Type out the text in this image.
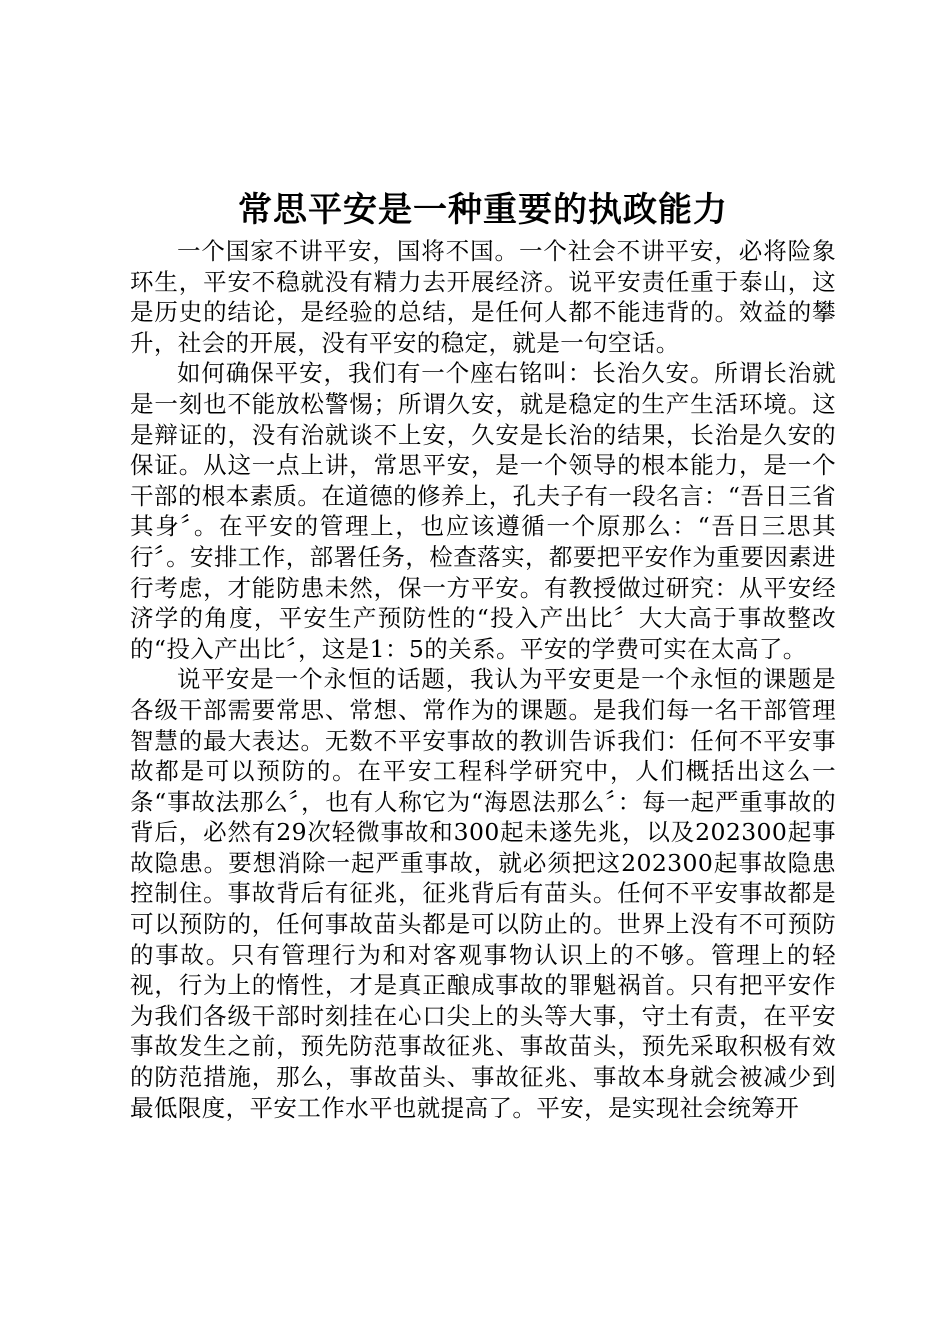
常思平安是一种重要的执政能力

一个国家不讲平安，国将不国。一个社会不讲平安，必将险象环生，平安不稳就没有精力去开展经济。说平安责任重于泰山，这是历史的结论，是经验的总结，是任何人都不能违背的。效益的攀升，社会的开展，没有平安的稳定，就是一句空话。

如何确保平安，我们有一个座右铭叫：长治久安。所谓长治就是一刻也不能放松警惕；所谓久安，就是稳定的生产生活环境。这是辩证的，没有治就谈不上安，久安是长治的结果，长治是久安的保证。从这一点上讲，常思平安，是一个领导的根本能力，是一个干部的根本素质。在道德的修养上，孔夫子有一段名言：“吾日三省其身〞。在平安的管理上，也应该遵循一个原那么：“吾日三思其行〞。安排工作，部署任务，检查落实，都要把平安作为重要因素进行考虑，才能防患未然，保一方平安。有教授做过研究：从平安经济学的角度，平安生产预防性的“投入产出比〞大大高于事故整改的“投入产出比〞，这是1：5的关系。平安的学费可实在太高了。

说平安是一个永恒的话题，我认为平安更是一个永恒的课题是各级干部需要常思、常想、常作为的课题。是我们每一名干部管理智慧的最大表达。无数不平安事故的教训告诉我们：任何不平安事故都是可以预防的。在平安工程科学研究中，人们概括出这么一条“事故法那么〞，也有人称它为“海恩法那么〞：每一起严重事故的背后，必然有29次轻微事故和300起未遂先兆，以及202300起事故隐患。要想消除一起严重事故，就必须把这202300起事故隐患控制住。事故背后有征兆，征兆背后有苗头。任何不平安事故都是可以预防的，任何事故苗头都是可以防止的。世界上没有不可预防的事故。只有管理行为和对客观事物认识上的不够。管理上的轻视，行为上的惰性，才是真正酿成事故的罪魁祸首。只有把平安作为我们各级干部时刻挂在心口尖上的头等大事，守土有责，在平安事故发生之前，预先防范事故征兆、事故苗头，预先采取积极有效的防范措施，那么，事故苗头、事故征兆、事故本身就会被减少到最低限度，平安工作水平也就提高了。平安，是实现社会统筹开
